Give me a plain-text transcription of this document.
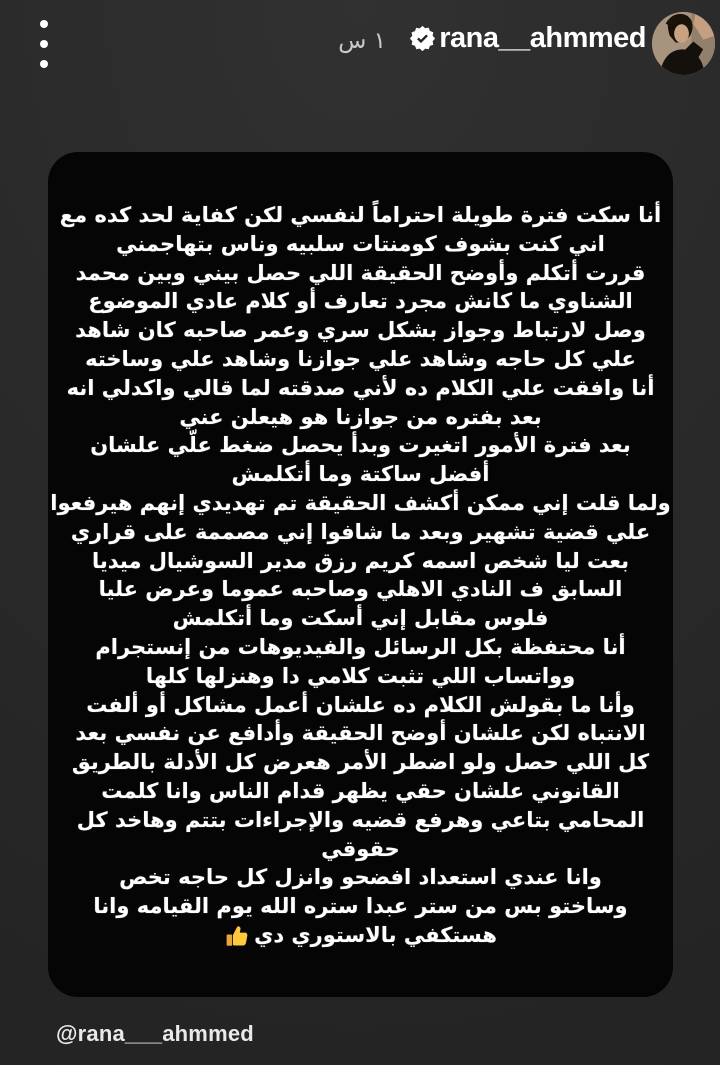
١ س rana__ahmmed
أنا سكت فترة طويلة احتراماً لنفسي لكن كفاية لحد كده مع
اني كنت بشوف كومنتات سلبيه وناس بتهاجمني
قررت أتكلم وأوضح الحقيقة اللي حصل بيني وبين محمد
الشناوي ما كانش مجرد تعارف أو كلام عادي الموضوع
وصل لارتباط وجواز بشكل سري وعمر صاحبه كان شاهد
علي كل حاجه وشاهد علي جوازنا وشاهد علي وساخته
أنا وافقت علي الكلام ده لأني صدقته لما قالي واكدلي انه
بعد بفتره من جوازنا هو هيعلن عني
بعد فترة الأمور اتغيرت وبدأ يحصل ضغط علّي علشان
أفضل ساكتة وما أتكلمش
ولما قلت إني ممكن أكشف الحقيقة تم تهديدي إنهم هيرفعوا
علي قضية تشهير وبعد ما شافوا إني مصممة على قراري
بعت ليا شخص اسمه كريم رزق مدير السوشيال ميديا
السابق ف النادي الاهلي وصاحبه عموما وعرض عليا
فلوس مقابل إني أسكت وما أتكلمش
أنا محتفظة بكل الرسائل والفيديوهات من إنستجرام
وواتساب اللي تثبت كلامي دا وهنزلها كلها
وأنا ما بقولش الكلام ده علشان أعمل مشاكل أو ألفت
الانتباه لكن علشان أوضح الحقيقة وأدافع عن نفسي بعد
كل اللي حصل ولو اضطر الأمر هعرض كل الأدلة بالطريق
القانوني علشان حقي يظهر قدام الناس وانا كلمت
المحامي بتاعي وهرفع قضيه والإجراءات بتتم وهاخد كل
حقوقي
وانا عندي استعداد افضحو وانزل كل حاجه تخص
وساختو بس من ستر عبدا ستره الله يوم القيامه وانا
هستكفي بالاستوري دي
@rana___ahmmed
